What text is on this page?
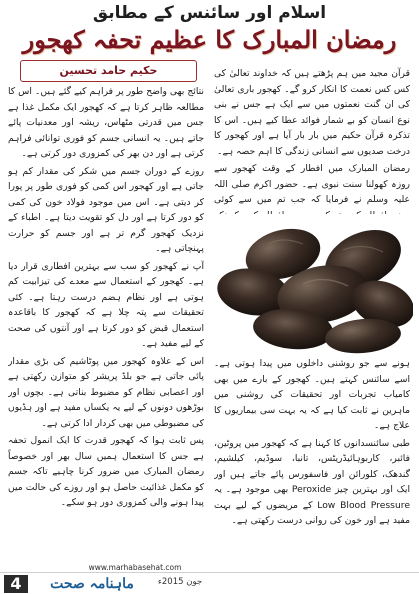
اسلام اور سائنس کے مطابق
رمضان المبارک کا عظیم تحفہ کھجور
حکیم حامد تحسین	قرآن مجید میں ہم پڑھتے ہیں کہ خداوند تعالیٰ کی کس کس نعمت کا انکار کرو گے۔ کھجور باری تعالیٰ کی ان گنت نعمتوں میں سے ایک ہے جس نے بنی نوع انسان کو بے شمار فوائد عطا کیے ہیں۔ اس کا تذکرہ قرآن حکیم میں بار بار آیا ہے اور کھجور کا درخت صدیوں سے انسانی زندگی کا اہم حصہ ہے۔

رمضان المبارک میں افطار کے وقت کھجور سے روزہ کھولنا سنت نبوی ہے۔ حضور اکرم صلی اللہ علیہ وسلم نے فرمایا کہ جب تم میں سے کوئی

نتائج بھی واضح طور پر فراہم کیے گئے ہیں۔ اس کا مطالعہ ظاہر کرتا ہے کہ کھجور ایک مکمل غذا ہے جس میں قدرتی مٹھاس، ریشہ اور معدنیات پائے جاتے ہیں۔ یہ انسانی جسم کو فوری توانائی فراہم کرتی ہے اور دن بھر کی کمزوری دور کرتی ہے۔

روزے کے دوران جسم میں شکر کی مقدار کم ہو جاتی ہے اور کھجور اس کمی کو فوری طور پر پورا کر دیتی ہے۔ اس میں موجود فولاد خون کی کمی کو دور کرتا ہے اور دل کو تقویت دیتا ہے۔ اطباء کے نزدیک کھجور گرم تر ہے اور جسم کو حرارت پہنچاتی ہے۔

آپ نے کھجور کو سب سے بہترین افطاری قرار دیا ہے۔ کھجور کے استعمال سے معدے کی تیزابیت کم ہوتی ہے اور نظام ہضم درست رہتا ہے۔ کئی تحقیقات سے پتہ چلا ہے کہ کھجور کا باقاعدہ استعمال قبض کو دور کرتا ہے اور آنتوں کی صحت کے لیے مفید ہے۔

اس کے علاوہ کھجور میں پوٹاشیم کی بڑی مقدار پائی جاتی ہے جو بلڈ پریشر کو متوازن رکھتی ہے اور اعصابی نظام کو مضبوط بناتی ہے۔ بچوں اور بوڑھوں دونوں کے لیے یہ یکساں مفید ہے اور ہڈیوں کی مضبوطی میں بھی کردار ادا کرتی ہے۔

پس ثابت ہوا کہ کھجور قدرت کا ایک انمول تحفہ ہے جس کا استعمال ہمیں سال بھر اور خصوصاً رمضان المبارک میں ضرور کرنا چاہیے تاکہ جسم کو مکمل غذائیت حاصل ہو اور روزے کی حالت میں پیدا ہونے والی کمزوری دور ہو سکے۔

ہونے سے جو روشنی داخلوں میں پیدا ہوتی ہے۔ اسے سائنس کہتے ہیں۔ کھجور کے بارے میں بھی کامیاب تجربات اور تحقیقات کی روشنی میں ماہرین نے ثابت کیا ہے کہ یہ بہت سی بیماریوں کا علاج ہے۔

طبی سائنسدانوں کا کہنا ہے کہ کھجور میں پروٹین، فائبر، کاربوہائیڈریٹس، تانبا، سوڈیم، کیلشیم، گندھک، کلورائن اور فاسفورس پائے جاتے ہیں اور ایک اور بہترین چیز Peroxide بھی موجود ہے۔ یہ Low Blood Pressure کے مریضوں کے لیے بہت مفید ہے اور خون کی روانی درست رکھتی ہے۔

www.marhabasehat.com
4	ماہنامہ صحت	جون 2015ء
